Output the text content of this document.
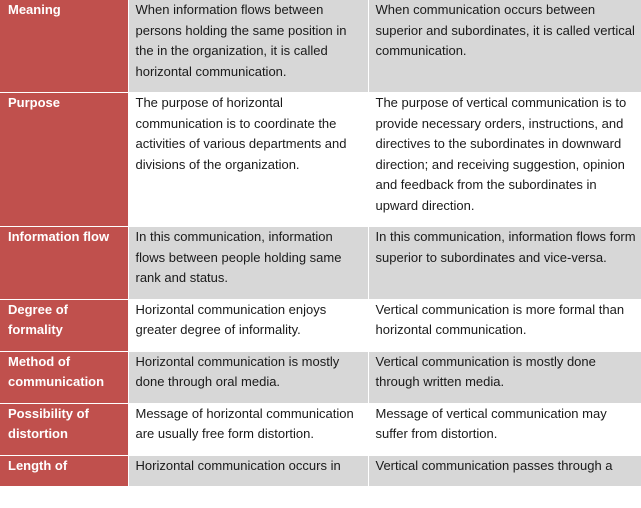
Meaning	When information flows between persons holding the same position in the in the organization, it is called horizontal communication.	When communication occurs between superior and subordinates, it is called vertical communication.
Purpose	The purpose of horizontal communication is to coordinate the activities of various departments and divisions of the organization.	The purpose of vertical communication is to provide necessary orders, instructions, and directives to the subordinates in downward direction; and receiving suggestion, opinion and feedback from the subordinates in upward direction.
Information flow	In this communication, information flows between people holding same rank and status.	In this communication, information flows form superior to subordinates and vice-versa.
Degree of formality	Horizontal communication enjoys greater degree of informality.	Vertical communication is more formal than horizontal communication.
Method of communication	Horizontal communication is mostly done through oral media.	Vertical communication is mostly done through written media.
Possibility of distortion	Message of horizontal communication are usually free form distortion.	Message of vertical communication may suffer from distortion.
Length of	Horizontal communication occurs in	Vertical communication passes through a
